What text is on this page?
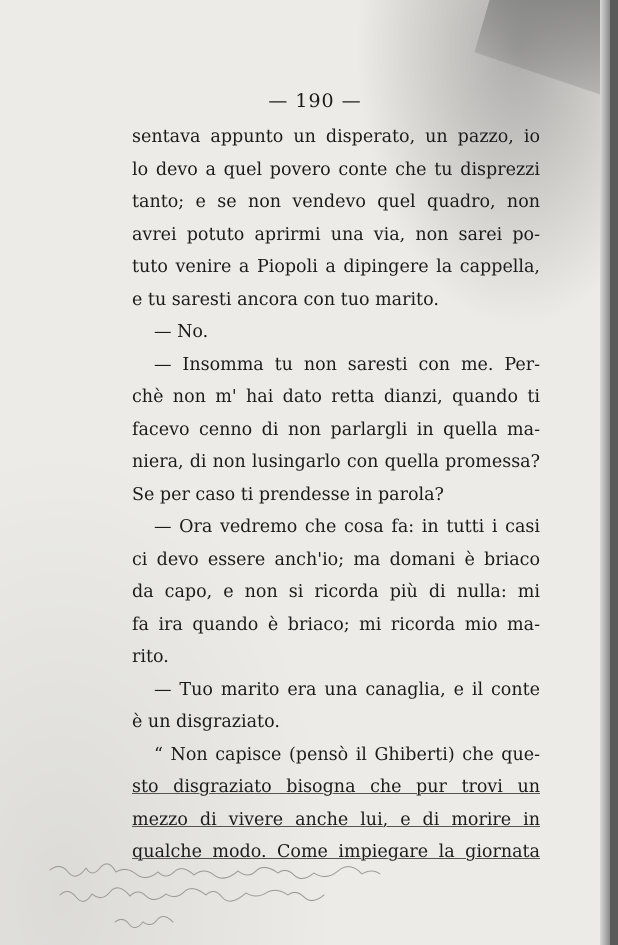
— 190 —
sentava appunto un disperato, un pazzo, io
lo devo a quel povero conte che tu disprezzi
tanto; e se non vendevo quel quadro, non
avrei potuto aprirmi una via, non sarei po-
tuto venire a Piopoli a dipingere la cappella,
e tu saresti ancora con tuo marito.
— No.
— Insomma tu non saresti con me. Per-
chè non m' hai dato retta dianzi, quando ti
facevo cenno di non parlargli in quella ma-
niera, di non lusingarlo con quella promessa?
Se per caso ti prendesse in parola?
— Ora vedremo che cosa fa: in tutti i casi
ci devo essere anch'io; ma domani è briaco
da capo, e non si ricorda più di nulla: mi
fa ira quando è briaco; mi ricorda mio ma-
rito.
— Tuo marito era una canaglia, e il conte
è un disgraziato.
“ Non capisce (pensò il Ghiberti) che que-
sto disgraziato bisogna che pur trovi un
mezzo di vivere anche lui, e di morire in
qualche modo. Come impiegare la giornata
